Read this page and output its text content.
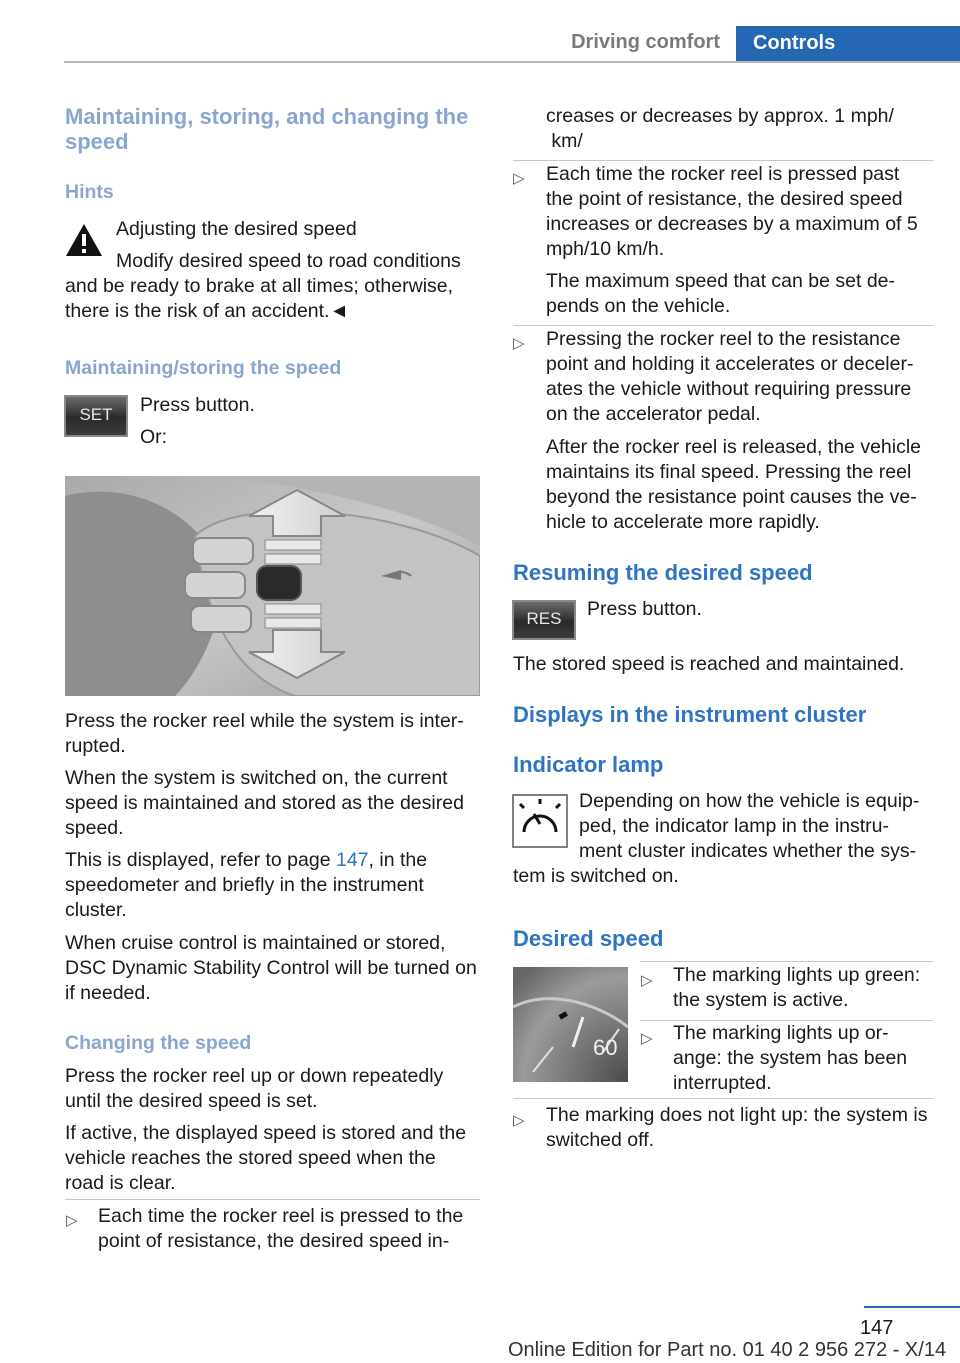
Driving comfort	Controls
Maintaining, storing, and changing the speed
Hints
Adjusting the desired speed
Modify desired speed to road conditions
and be ready to brake at all times; otherwise, there is the risk of an accident.◄
Maintaining/storing the speed
SET	Press button.
Or:
Press the rocker reel while the system is inter-rupted.
When the system is switched on, the current speed is maintained and stored as the desired speed.
This is displayed, refer to page 147, in the speedometer and briefly in the instrument cluster.
When cruise control is maintained or stored, DSC Dynamic Stability Control will be turned on if needed.
Changing the speed
Press the rocker reel up or down repeatedly until the desired speed is set.
If active, the displayed speed is stored and the vehicle reaches the stored speed when the road is clear.
▷ Each time the rocker reel is pressed to the point of resistance, the desired speed in-
creases or decreases by approx. 1 mph/
km/
▷ Each time the rocker reel is pressed past the point of resistance, the desired speed increases or decreases by a maximum of 5 mph/10 km/h.
The maximum speed that can be set de-pends on the vehicle.
▷ Pressing the rocker reel to the resistance point and holding it accelerates or deceler-ates the vehicle without requiring pressure on the accelerator pedal.
After the rocker reel is released, the vehicle maintains its final speed. Pressing the reel beyond the resistance point causes the ve-hicle to accelerate more rapidly.
Resuming the desired speed
RES	Press button.
The stored speed is reached and maintained.
Displays in the instrument cluster
Indicator lamp
Depending on how the vehicle is equip-
ped, the indicator lamp in the instru-
ment cluster indicates whether the sys-
tem is switched on.
Desired speed
60
▷ The marking lights up green: the system is active.
▷ The marking lights up or-ange: the system has been interrupted.
▷ The marking does not light up: the system is switched off.
147
Online Edition for Part no. 01 40 2 956 272 - X/14
